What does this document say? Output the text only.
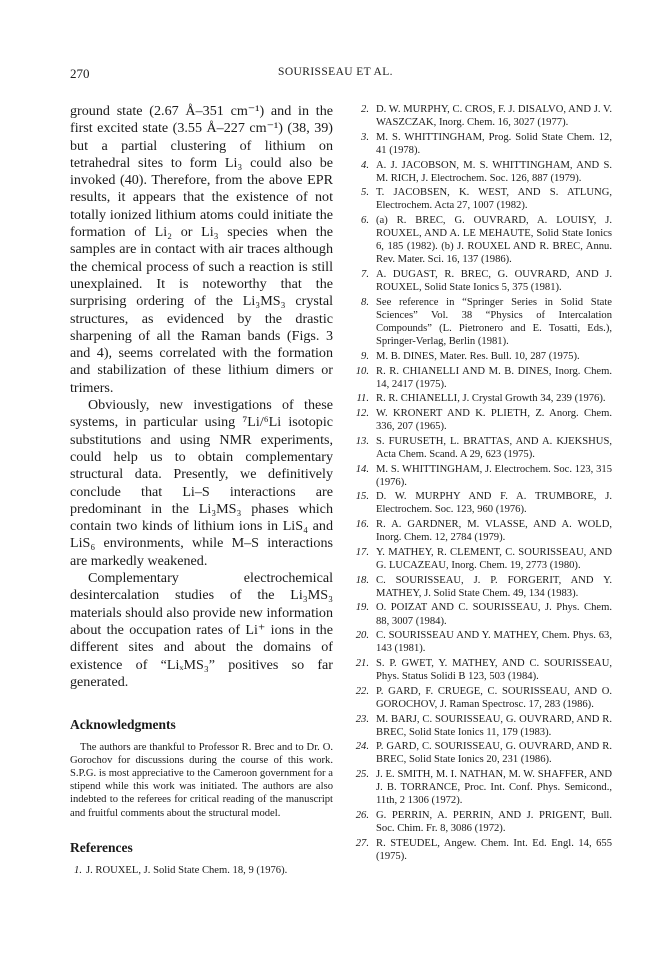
270	SOURISSEAU ET AL.

ground state (2.67 Å–351 cm⁻¹) and in the first excited state (3.55 Å–227 cm⁻¹) (38, 39) but a partial clustering of lithium on tetrahedral sites to form Li₃ could also be invoked (40). Therefore, from the above EPR results, it appears that the existence of not totally ionized lithium atoms could initiate the formation of Li₂ or Li₃ species when the samples are in contact with air traces although the chemical process of such a reaction is still unexplained. It is noteworthy that the surprising ordering of the Li₃MS₃ crystal structures, as evidenced by the drastic sharpening of all the Raman bands (Figs. 3 and 4), seems correlated with the formation and stabilization of these lithium dimers or trimers.

Obviously, new investigations of these systems, in particular using ⁷Li/⁶Li isotopic substitutions and using NMR experiments, could help us to obtain complementary structural data. Presently, we definitively conclude that Li–S interactions are predominant in the Li₃MS₃ phases which contain two kinds of lithium ions in LiS₄ and LiS₆ environments, while M–S interactions are markedly weakened.

Complementary electrochemical desintercalation studies of the Li₃MS₃ materials should also provide new information about the occupation rates of Li⁺ ions in the different sites and about the domains of existence of “LiₓMS₃” positives so far generated.

Acknowledgments

The authors are thankful to Professor R. Brec and to Dr. O. Gorochov for discussions during the course of this work. S.P.G. is most appreciative to the Cameroon government for a stipend while this work was initiated. The authors are also indebted to the referees for critical reading of the manuscript and fruitful comments about the structural model.

References
1. J. ROUXEL, J. Solid State Chem. 18, 9 (1976).
2. D. W. MURPHY, C. CROS, F. J. DISALVO, AND J. V. WASZCZAK, Inorg. Chem. 16, 3027 (1977).
3. M. S. WHITTINGHAM, Prog. Solid State Chem. 12, 41 (1978).
4. A. J. JACOBSON, M. S. WHITTINGHAM, AND S. M. RICH, J. Electrochem. Soc. 126, 887 (1979).
5. T. JACOBSEN, K. WEST, AND S. ATLUNG, Electrochem. Acta 27, 1007 (1982).
6. (a) R. BREC, G. OUVRARD, A. LOUISY, J. ROUXEL, AND A. LE MEHAUTE, Solid State Ionics 6, 185 (1982). (b) J. ROUXEL AND R. BREC, Annu. Rev. Mater. Sci. 16, 137 (1986).
7. A. DUGAST, R. BREC, G. OUVRARD, AND J. ROUXEL, Solid State Ionics 5, 375 (1981).
8. See reference in “Springer Series in Solid State Sciences” Vol. 38 “Physics of Intercalation Compounds” (L. Pietronero and E. Tosatti, Eds.), Springer-Verlag, Berlin (1981).
9. M. B. DINES, Mater. Res. Bull. 10, 287 (1975).
10. R. R. CHIANELLI AND M. B. DINES, Inorg. Chem. 14, 2417 (1975).
11. R. R. CHIANELLI, J. Crystal Growth 34, 239 (1976).
12. W. KRONERT AND K. PLIETH, Z. Anorg. Chem. 336, 207 (1965).
13. S. FURUSETH, L. BRATTAS, AND A. KJEKSHUS, Acta Chem. Scand. A 29, 623 (1975).
14. M. S. WHITTINGHAM, J. Electrochem. Soc. 123, 315 (1976).
15. D. W. MURPHY AND F. A. TRUMBORE, J. Electrochem. Soc. 123, 960 (1976).
16. R. A. GARDNER, M. VLASSE, AND A. WOLD, Inorg. Chem. 12, 2784 (1979).
17. Y. MATHEY, R. CLEMENT, C. SOURISSEAU, AND G. LUCAZEAU, Inorg. Chem. 19, 2773 (1980).
18. C. SOURISSEAU, J. P. FORGERIT, AND Y. MATHEY, J. Solid State Chem. 49, 134 (1983).
19. O. POIZAT AND C. SOURISSEAU, J. Phys. Chem. 88, 3007 (1984).
20. C. SOURISSEAU AND Y. MATHEY, Chem. Phys. 63, 143 (1981).
21. S. P. GWET, Y. MATHEY, AND C. SOURISSEAU, Phys. Status Solidi B 123, 503 (1984).
22. P. GARD, F. CRUEGE, C. SOURISSEAU, AND O. GOROCHOV, J. Raman Spectrosc. 17, 283 (1986).
23. M. BARJ, C. SOURISSEAU, G. OUVRARD, AND R. BREC, Solid State Ionics 11, 179 (1983).
24. P. GARD, C. SOURISSEAU, G. OUVRARD, AND R. BREC, Solid State Ionics 20, 231 (1986).
25. J. E. SMITH, M. I. NATHAN, M. W. SHAFFER, AND J. B. TORRANCE, Proc. Int. Conf. Phys. Semicond., 11th, 2 1306 (1972).
26. G. PERRIN, A. PERRIN, AND J. PRIGENT, Bull. Soc. Chim. Fr. 8, 3086 (1972).
27. R. STEUDEL, Angew. Chem. Int. Ed. Engl. 14, 655 (1975).
